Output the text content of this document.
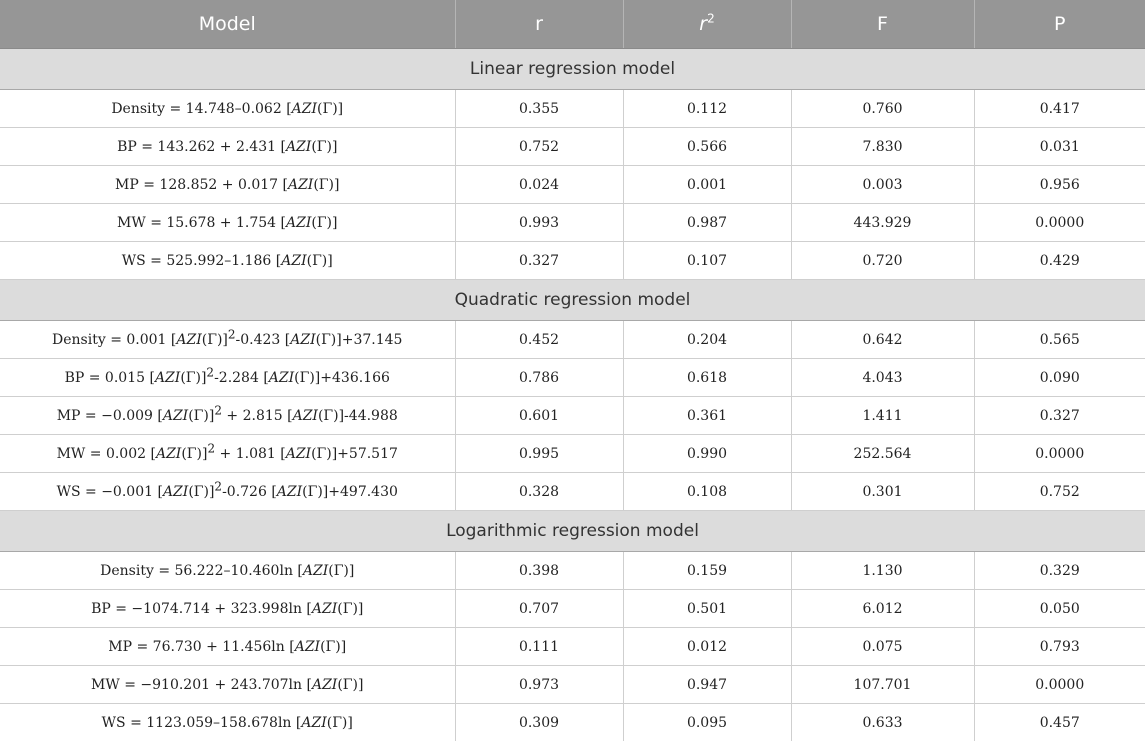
Model	r	$r^2$	F	P
Linear regression model				
Density = 14.748–0.062 [AZI(Γ)]	0.355	0.112	0.760	0.417
BP = 143.262 + 2.431 [AZI(Γ)]	0.752	0.566	7.830	0.031
MP = 128.852 + 0.017 [AZI(Γ)]	0.024	0.001	0.003	0.956
MW = 15.678 + 1.754 [AZI(Γ)]	0.993	0.987	443.929	0.0000
WS = 525.992–1.186 [AZI(Γ)]	0.327	0.107	0.720	0.429
Quadratic regression model				
Density = 0.001 [AZI(Γ)]2-0.423 [AZI(Γ)]+37.145	0.452	0.204	0.642	0.565
BP = 0.015 [AZI(Γ)]2-2.284 [AZI(Γ)]+436.166	0.786	0.618	4.043	0.090
MP = −0.009 [AZI(Γ)]2 + 2.815 [AZI(Γ)]-44.988	0.601	0.361	1.411	0.327
MW = 0.002 [AZI(Γ)]2 + 1.081 [AZI(Γ)]+57.517	0.995	0.990	252.564	0.0000
WS = −0.001 [AZI(Γ)]2-0.726 [AZI(Γ)]+497.430	0.328	0.108	0.301	0.752
Logarithmic regression model				
Density = 56.222–10.460ln [AZI(Γ)]	0.398	0.159	1.130	0.329
BP = −1074.714 + 323.998ln [AZI(Γ)]	0.707	0.501	6.012	0.050
MP = 76.730 + 11.456ln [AZI(Γ)]	0.111	0.012	0.075	0.793
MW = −910.201 + 243.707ln [AZI(Γ)]	0.973	0.947	107.701	0.0000
WS = 1123.059–158.678ln [AZI(Γ)]	0.309	0.095	0.633	0.457
